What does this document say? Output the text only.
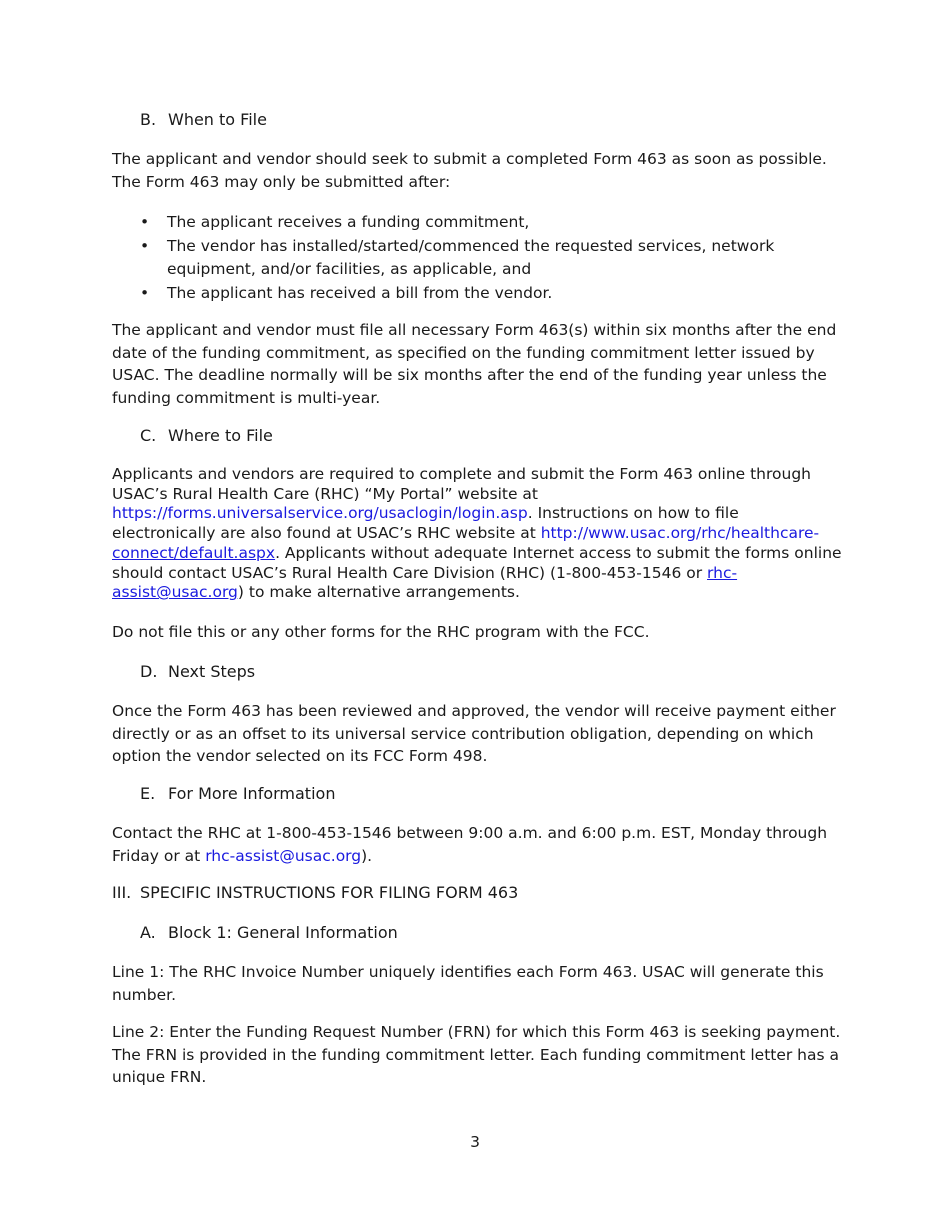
B. When to File
The applicant and vendor should seek to submit a completed Form 463 as soon as possible. The Form 463 may only be submitted after:
• The applicant receives a funding commitment,
• The vendor has installed/started/commenced the requested services, network equipment, and/or facilities, as applicable, and
• The applicant has received a bill from the vendor.
The applicant and vendor must file all necessary Form 463(s) within six months after the end date of the funding commitment, as specified on the funding commitment letter issued by USAC. The deadline normally will be six months after the end of the funding year unless the funding commitment is multi-year.
C. Where to File
Applicants and vendors are required to complete and submit the Form 463 online through USAC’s Rural Health Care (RHC) “My Portal” website at https://forms.universalservice.org/usaclogin/login.asp. Instructions on how to file electronically are also found at USAC’s RHC website at http://www.usac.org/rhc/healthcare-connect/default.aspx. Applicants without adequate Internet access to submit the forms online should contact USAC’s Rural Health Care Division (RHC) (1-800-453-1546 or rhc-assist@usac.org) to make alternative arrangements.
Do not file this or any other forms for the RHC program with the FCC.
D. Next Steps
Once the Form 463 has been reviewed and approved, the vendor will receive payment either directly or as an offset to its universal service contribution obligation, depending on which option the vendor selected on its FCC Form 498.
E. For More Information
Contact the RHC at 1-800-453-1546 between 9:00 a.m. and 6:00 p.m. EST, Monday through Friday or at rhc-assist@usac.org).
III. SPECIFIC INSTRUCTIONS FOR FILING FORM 463
A. Block 1: General Information
Line 1: The RHC Invoice Number uniquely identifies each Form 463. USAC will generate this number.
Line 2: Enter the Funding Request Number (FRN) for which this Form 463 is seeking payment. The FRN is provided in the funding commitment letter. Each funding commitment letter has a unique FRN.
3
